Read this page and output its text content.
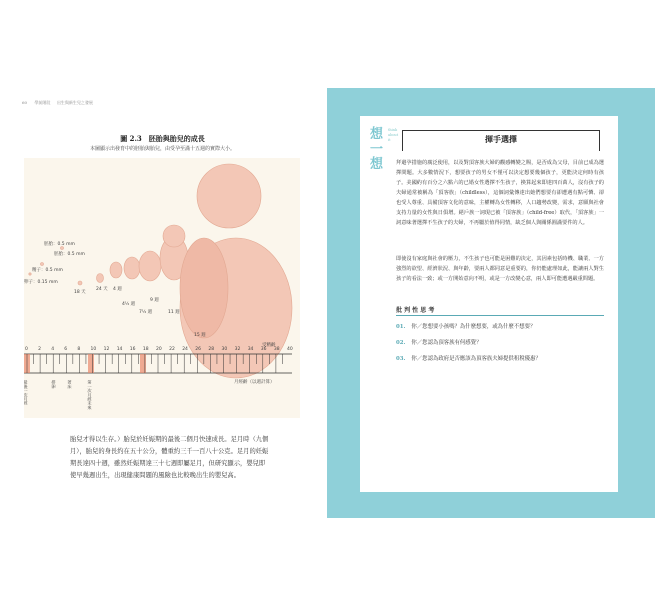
60 學前階段 　 出生與新生兒之發展
圖 2.3　胚胎與胎兒的成長
本圖顯示出發育中的胚胎與胎兒，由受孕至滿十五週的實際大小。
卵子：0.15 mm
精子：0.5 mm
胚胎：0.5 mm
胚胎：0.5 mm
18 天
24 天 4 週
4½ 週
7½ 週
9 週
11 週
15 週
受精齡
0 2 4 6 8 10 12 14 16 18 20 22 24 26 28 30 32 34 36 38 40
月經齡（以週計算）
最後一次月經	排卵	著床	第一次月經未來
胎兒才得以生存。）胎兒於妊娠期的最後二個月快速成長。足月時（九個月），胎兒的身長約在五十公分，體重約三千一百八十公克。足月的妊娠期長達四十週，雖然妊娠期達三十七週即屬足月，但研究顯示，嬰兒即使早幾週出生，出現健康問題的風險也比較晚出生的嬰兒高。
想一想
think about it	揮手選擇
拜避孕措施的廣泛使用，以及對頂客族大婦的觀感轉變之賜，是否成為父母，目前已成為選擇問題。大多數情況下，想要孩子的男女不僅可以決定想要幾個孩子，更能決定何時有孩子。美國約有百分之六點六的已婚女性選擇不生孩子，換算起來即達四百萬人，沒有孩子的夫婦通常被稱為「頂客族」（childless），這個詞彙傳達出她們想要有卻遭遇有點可憐、卻也受人尊重、具備頂客文化的意味，主權轉為女性轉移，人口趨勢改變，需求，意願與社會支持力量的女性與日俱增。絕戶族一詞現已被「頂客族」（child-free）取代，「頂客族」一詞意味著選擇不生孩子的夫婦，不再屬於值得同情，缺乏個人與關係圓滿要件的人。
即使沒有家庭與社會的壓力，不生孩子也可能是困難的決定，其因素包括時機、職業、一方強烈的欲望、經濟狀況、與年齡，要兩人都同意是重要的，你仍能處理如此，能讓兩人對生孩子的看法一致；或一方開始意向不明，或是一方改變心意，兩人即可能遭遇嚴重問題。
批 判 性 思 考
01. 你／您想要小孩嗎？為什麼想要，或為什麼不想要？
02. 你／您認為頂客族有何感覺？
03. 你／您認為政府是否應該為頂客族夫婦提供租稅優惠？
